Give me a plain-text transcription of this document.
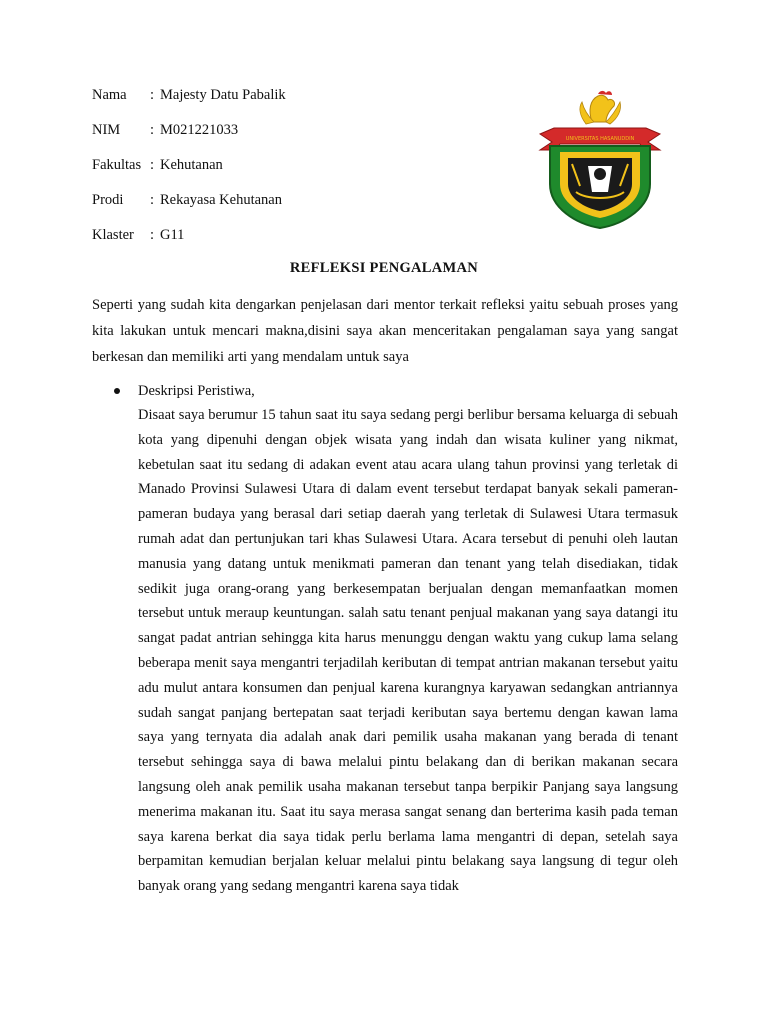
Nama	: Majesty Datu Pabalik
NIM	: M021221033
Fakultas : Kehutanan
Prodi	: Rekayasa Kehutanan
Klaster	: G11
UNIVERSITAS HASANUDDIN
REFLEKSI PENGALAMAN

Seperti yang sudah kita dengarkan penjelasan dari mentor terkait refleksi yaitu sebuah proses yang kita lakukan untuk mencari makna,disini saya akan menceritakan pengalaman saya yang sangat berkesan dan memiliki arti yang mendalam untuk saya

Deskripsi Peristiwa,

Disaat saya berumur 15 tahun saat itu saya sedang pergi berlibur bersama keluarga di sebuah kota yang dipenuhi dengan objek wisata yang indah dan wisata kuliner yang nikmat, kebetulan saat itu sedang di adakan event atau acara ulang tahun provinsi yang terletak di Manado Provinsi Sulawesi Utara di dalam event tersebut terdapat banyak sekali pameran-pameran budaya yang berasal dari setiap daerah yang terletak di Sulawesi Utara termasuk rumah adat dan pertunjukan tari khas Sulawesi Utara. Acara tersebut di penuhi oleh lautan manusia yang datang untuk menikmati pameran dan tenant yang telah disediakan, tidak sedikit juga orang-orang yang berkesempatan berjualan dengan memanfaatkan momen tersebut untuk meraup keuntungan. salah satu tenant penjual makanan yang saya datangi itu sangat padat antrian sehingga kita harus menunggu dengan waktu yang cukup lama selang beberapa menit saya mengantri terjadilah keributan di tempat antrian makanan tersebut yaitu adu mulut antara konsumen dan penjual karena kurangnya karyawan sedangkan antriannya sudah sangat panjang bertepatan saat terjadi keributan saya bertemu dengan kawan lama saya yang ternyata dia adalah anak dari pemilik usaha makanan yang berada di tenant tersebut sehingga saya di bawa melalui pintu belakang dan di berikan makanan secara langsung oleh anak pemilik usaha makanan tersebut tanpa berpikir Panjang saya langsung menerima makanan itu. Saat itu saya merasa sangat senang dan berterima kasih pada teman saya karena berkat dia saya tidak perlu berlama lama mengantri di depan, setelah saya berpamitan kemudian berjalan keluar melalui pintu belakang saya langsung di tegur oleh banyak orang yang sedang mengantri karena saya tidak
